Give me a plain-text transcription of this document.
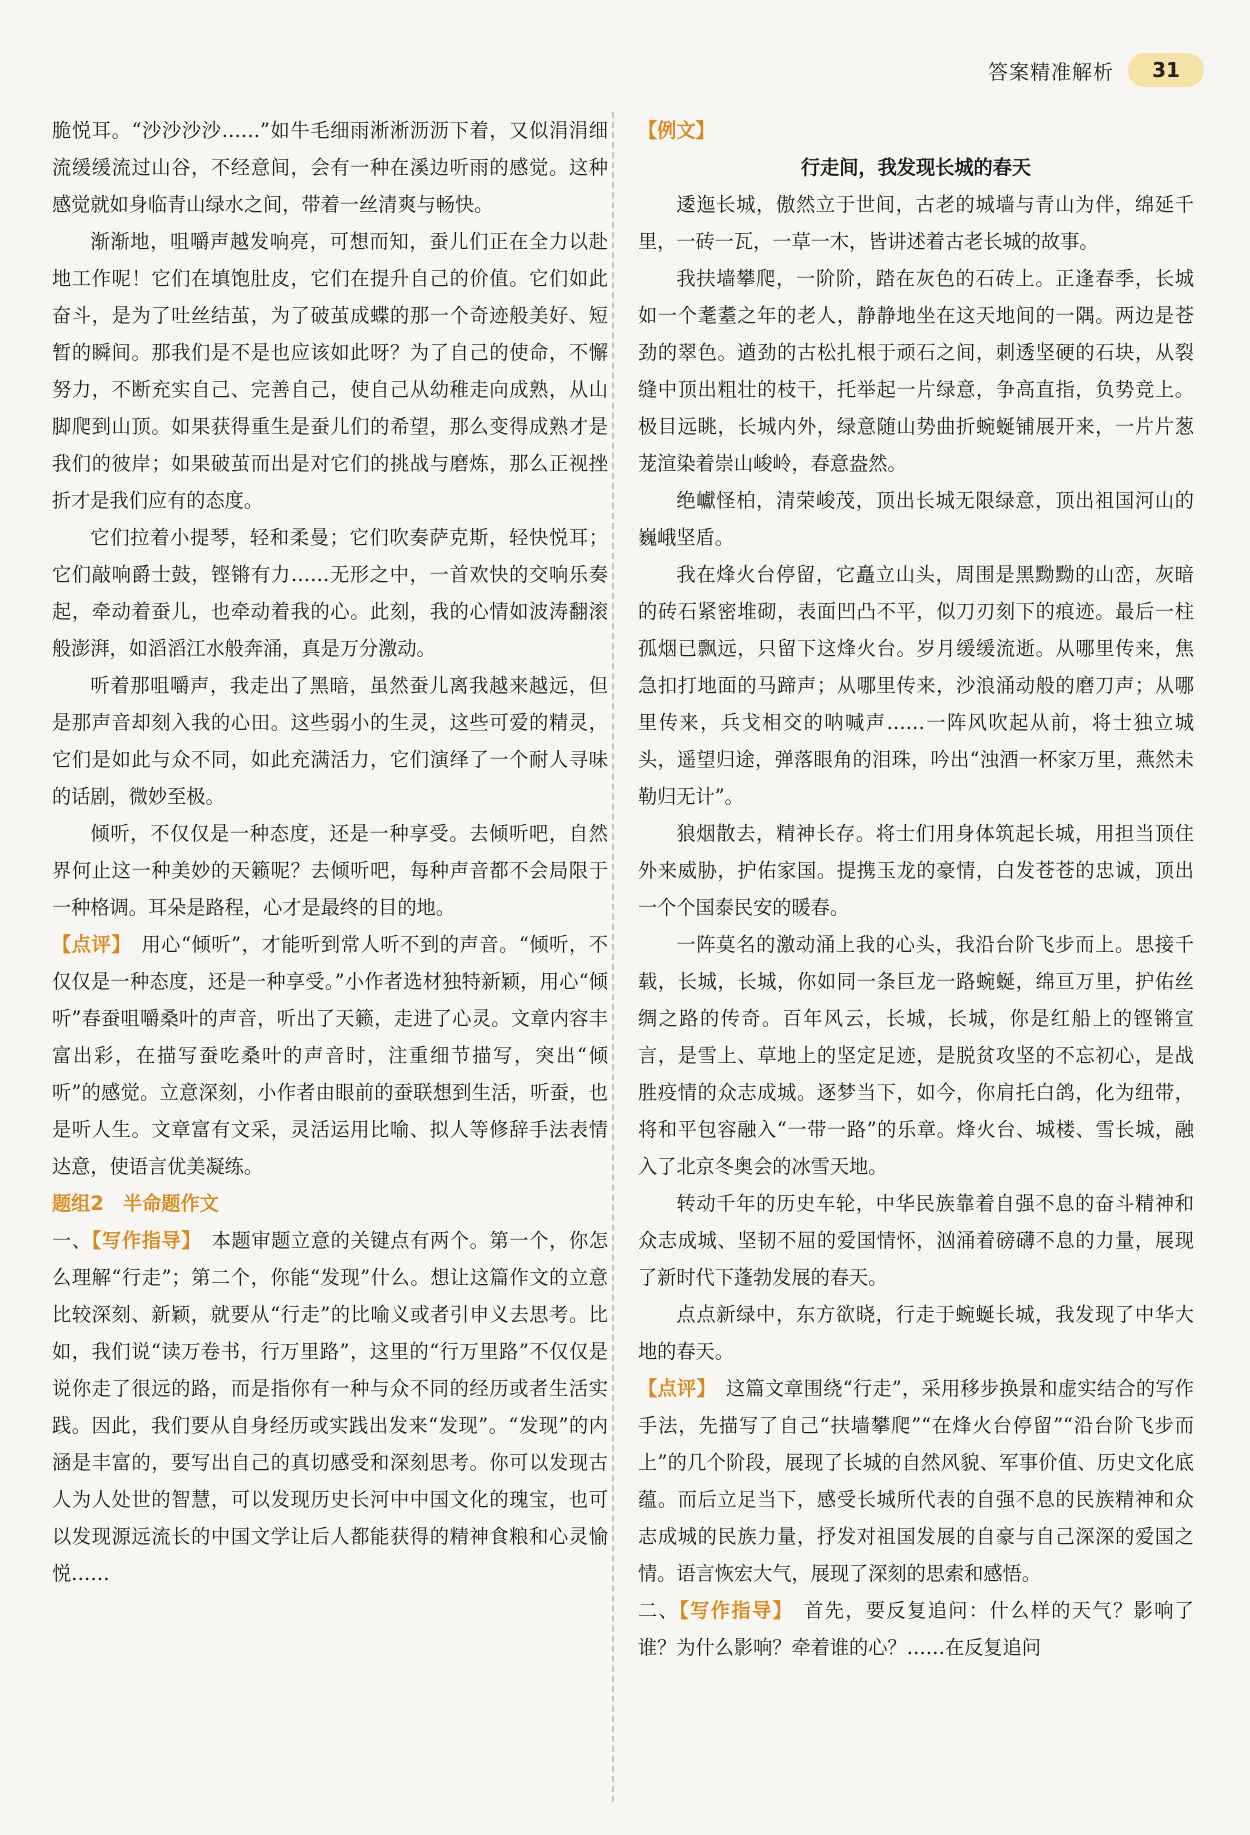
答案精准解析	31

脆悦耳。“沙沙沙沙……”如牛毛细雨淅淅沥沥下着，又似涓涓细流缓缓流过山谷，不经意间，会有一种在溪边听雨的感觉。这种感觉就如身临青山绿水之间，带着一丝清爽与畅快。

渐渐地，咀嚼声越发响亮，可想而知，蚕儿们正在全力以赴地工作呢！它们在填饱肚皮，它们在提升自己的价值。它们如此奋斗，是为了吐丝结茧，为了破茧成蝶的那一个奇迹般美好、短暂的瞬间。那我们是不是也应该如此呀？为了自己的使命，不懈努力，不断充实自己、完善自己，使自己从幼稚走向成熟，从山脚爬到山顶。如果获得重生是蚕儿们的希望，那么变得成熟才是我们的彼岸；如果破茧而出是对它们的挑战与磨炼，那么正视挫折才是我们应有的态度。

它们拉着小提琴，轻和柔曼；它们吹奏萨克斯，轻快悦耳；它们敲响爵士鼓，铿锵有力……无形之中，一首欢快的交响乐奏起，牵动着蚕儿，也牵动着我的心。此刻，我的心情如波涛翻滚般澎湃，如滔滔江水般奔涌，真是万分激动。

听着那咀嚼声，我走出了黑暗，虽然蚕儿离我越来越远，但是那声音却刻入我的心田。这些弱小的生灵，这些可爱的精灵，它们是如此与众不同，如此充满活力，它们演绎了一个耐人寻味的话剧，微妙至极。

倾听，不仅仅是一种态度，还是一种享受。去倾听吧，自然界何止这一种美妙的天籁呢？去倾听吧，每种声音都不会局限于一种格调。耳朵是路程，心才是最终的目的地。

【点评】　用心“倾听”，才能听到常人听不到的声音。“倾听，不仅仅是一种态度，还是一种享受。”小作者选材独特新颖，用心“倾听”春蚕咀嚼桑叶的声音，听出了天籁，走进了心灵。文章内容丰富出彩，在描写蚕吃桑叶的声音时，注重细节描写，突出“倾听”的感觉。立意深刻，小作者由眼前的蚕联想到生活，听蚕，也是听人生。文章富有文采，灵活运用比喻、拟人等修辞手法表情达意，使语言优美凝练。

题组2　半命题作文

一、【写作指导】　本题审题立意的关键点有两个。第一个，你怎么理解“行走”；第二个，你能“发现”什么。想让这篇作文的立意比较深刻、新颖，就要从“行走”的比喻义或者引申义去思考。比如，我们说“读万卷书，行万里路”，这里的“行万里路”不仅仅是说你走了很远的路，而是指你有一种与众不同的经历或者生活实践。因此，我们要从自身经历或实践出发来“发现”。“发现”的内涵是丰富的，要写出自己的真切感受和深刻思考。你可以发现古人为人处世的智慧，可以发现历史长河中中国文化的瑰宝，也可以发现源远流长的中国文学让后人都能获得的精神食粮和心灵愉悦……

【例文】

行走间，我发现长城的春天

逶迤长城，傲然立于世间，古老的城墙与青山为伴，绵延千里，一砖一瓦，一草一木，皆讲述着古老长城的故事。

我扶墙攀爬，一阶阶，踏在灰色的石砖上。正逢春季，长城如一个耄耋之年的老人，静静地坐在这天地间的一隅。两边是苍劲的翠色。遒劲的古松扎根于顽石之间，刺透坚硬的石块，从裂缝中顶出粗壮的枝干，托举起一片绿意，争高直指，负势竞上。极目远眺，长城内外，绿意随山势曲折蜿蜒铺展开来，一片片葱茏渲染着崇山峻岭，春意盎然。

绝巘怪柏，清荣峻茂，顶出长城无限绿意，顶出祖国河山的巍峨坚盾。

我在烽火台停留，它矗立山头，周围是黑黝黝的山峦，灰暗的砖石紧密堆砌，表面凹凸不平，似刀刃刻下的痕迹。最后一柱孤烟已飘远，只留下这烽火台。岁月缓缓流逝。从哪里传来，焦急扣打地面的马蹄声；从哪里传来，沙浪涌动般的磨刀声；从哪里传来，兵戈相交的呐喊声……一阵风吹起从前，将士独立城头，遥望归途，弹落眼角的泪珠，吟出“浊酒一杯家万里，燕然未勒归无计”。

狼烟散去，精神长存。将士们用身体筑起长城，用担当顶住外来威胁，护佑家国。提携玉龙的豪情，白发苍苍的忠诚，顶出一个个国泰民安的暖春。

一阵莫名的激动涌上我的心头，我沿台阶飞步而上。思接千载，长城，长城，你如同一条巨龙一路蜿蜒，绵亘万里，护佑丝绸之路的传奇。百年风云，长城，长城，你是红船上的铿锵宣言，是雪上、草地上的坚定足迹，是脱贫攻坚的不忘初心，是战胜疫情的众志成城。逐梦当下，如今，你肩托白鸽，化为纽带，将和平包容融入“一带一路”的乐章。烽火台、城楼、雪长城，融入了北京冬奥会的冰雪天地。

转动千年的历史车轮，中华民族靠着自强不息的奋斗精神和众志成城、坚韧不屈的爱国情怀，汹涌着磅礴不息的力量，展现了新时代下蓬勃发展的春天。

点点新绿中，东方欲晓，行走于蜿蜒长城，我发现了中华大地的春天。

【点评】　这篇文章围绕“行走”，采用移步换景和虚实结合的写作手法，先描写了自己“扶墙攀爬”“在烽火台停留”“沿台阶飞步而上”的几个阶段，展现了长城的自然风貌、军事价值、历史文化底蕴。而后立足当下，感受长城所代表的自强不息的民族精神和众志成城的民族力量，抒发对祖国发展的自豪与自己深深的爱国之情。语言恢宏大气，展现了深刻的思索和感悟。

二、【写作指导】　首先，要反复追问：什么样的天气？影响了谁？为什么影响？牵着谁的心？……在反复追问
